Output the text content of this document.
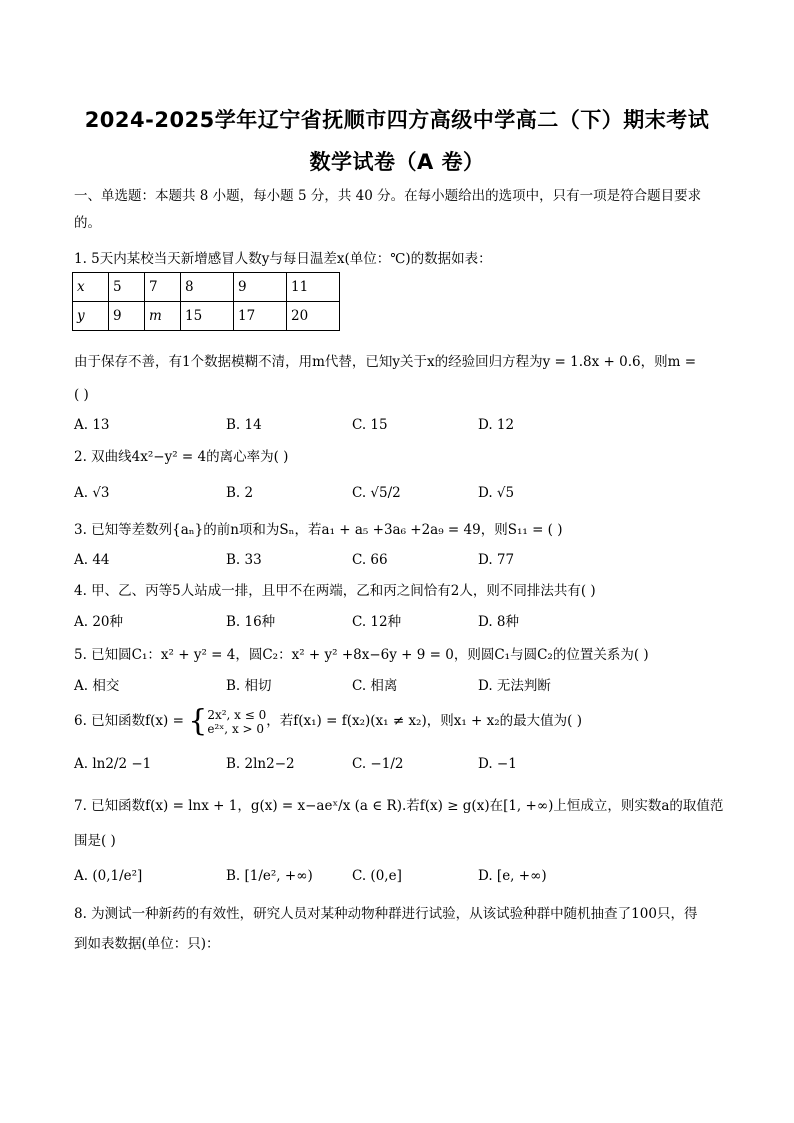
2024-2025学年辽宁省抚顺市四方高级中学高二（下）期末考试
数学试卷（A 卷）
一、单选题：本题共 8 小题，每小题 5 分，共 40 分。在每小题给出的选项中，只有一项是符合题目要求
的。
1. 5天内某校当天新增感冒人数y与每日温差x(单位：℃)的数据如表：
x	5	7	8	9	11
y	9	m	15	17	20
由于保存不善，有1个数据模糊不清，用m代替，已知y关于x的经验回归方程为y = 1.8x + 0.6，则m =
( )
A. 13	B. 14	C. 15	D. 12
2. 双曲线4x²−y² = 4的离心率为( )
A. √3	B. 2	C. √5/2	D. √5
3. 已知等差数列{aₙ}的前n项和为Sₙ，若a₁ + a₅ +3a₆ +2a₉ = 49，则S₁₁ = ( )
A. 44	B. 33	C. 66	D. 77
4. 甲、乙、丙等5人站成一排，且甲不在两端，乙和丙之间恰有2人，则不同排法共有( )
A. 20种	B. 16种	C. 12种	D. 8种
5. 已知圆C₁：x² + y² = 4，圆C₂：x² + y² +8x−6y + 9 = 0，则圆C₁与圆C₂的位置关系为( )
A. 相交	B. 相切	C. 相离	D. 无法判断
6. 已知函数f(x) = { 2x², x ≤ 0
e²ˣ, x > 0 ，若f(x₁) = f(x₂)(x₁ ≠ x₂)，则x₁ + x₂的最大值为( )
A. ln2/2 −1	B. 2ln2−2	C. −1/2	D. −1
7. 已知函数f(x) = lnx + 1，g(x) = x−aeˣ/x (a ∈ R).若f(x) ≥ g(x)在[1, +∞)上恒成立，则实数a的取值范
围是( )
A. (0,1/e²]	B. [1/e², +∞)	C. (0,e]	D. [e, +∞)
8. 为测试一种新药的有效性，研究人员对某种动物种群进行试验，从该试验种群中随机抽查了100只，得
到如表数据(单位：只)：
